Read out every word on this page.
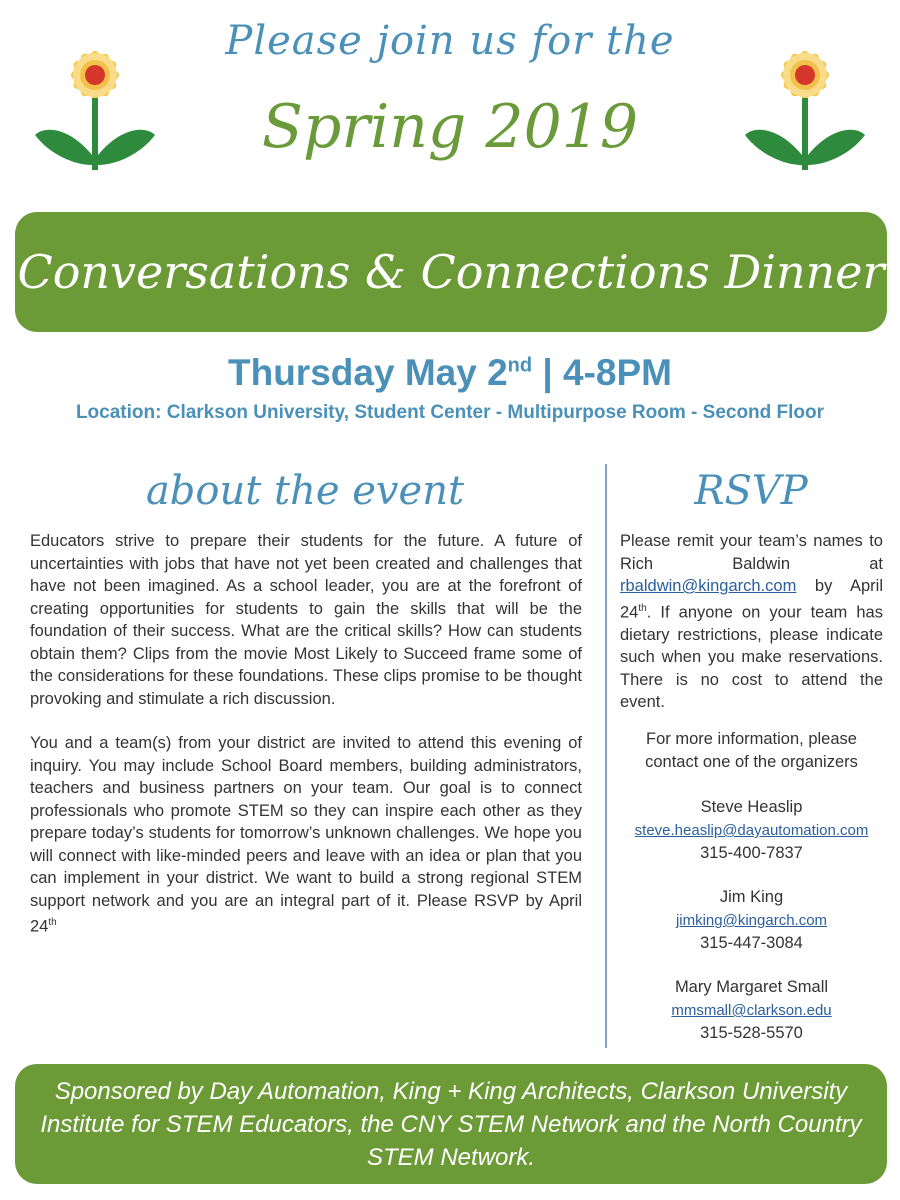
Please join us for the
Spring 2019
Conversations & Connections Dinner
Thursday May 2nd | 4-8PM
Location: Clarkson University, Student Center - Multipurpose Room - Second Floor
about the event

Educators strive to prepare their students for the future. A future of uncertainties with jobs that have not yet been created and challenges that have not been imagined. As a school leader, you are at the forefront of creating opportunities for students to gain the skills that will be the foundation of their success. What are the critical skills? How can students obtain them? Clips from the movie Most Likely to Succeed frame some of the considerations for these foundations. These clips promise to be thought provoking and stimulate a rich discussion.

You and a team(s) from your district are invited to attend this evening of inquiry. You may include School Board members, building administrators, teachers and business partners on your team. Our goal is to connect professionals who promote STEM so they can inspire each other as they prepare today’s students for tomorrow’s unknown challenges. We hope you will connect with like-minded peers and leave with an idea or plan that you can implement in your district. We want to build a strong regional STEM support network and you are an integral part of it. Please RSVP by April 24th

RSVP
Please remit your team’s names to Rich Baldwin at rbaldwin@kingarch.com by April 24th. If anyone on your team has dietary restrictions, please indicate such when you make reservations. There is no cost to attend the event.
For more information, please contact one of the organizers
Steve Heaslip
steve.heaslip@dayautomation.com
315-400-7837
Jim King
jimking@kingarch.com
315-447-3084
Mary Margaret Small
mmsmall@clarkson.edu
315-528-5570
Sponsored by Day Automation, King + King Architects, Clarkson University Institute for STEM Educators, the CNY STEM Network and the North Country STEM Network.
